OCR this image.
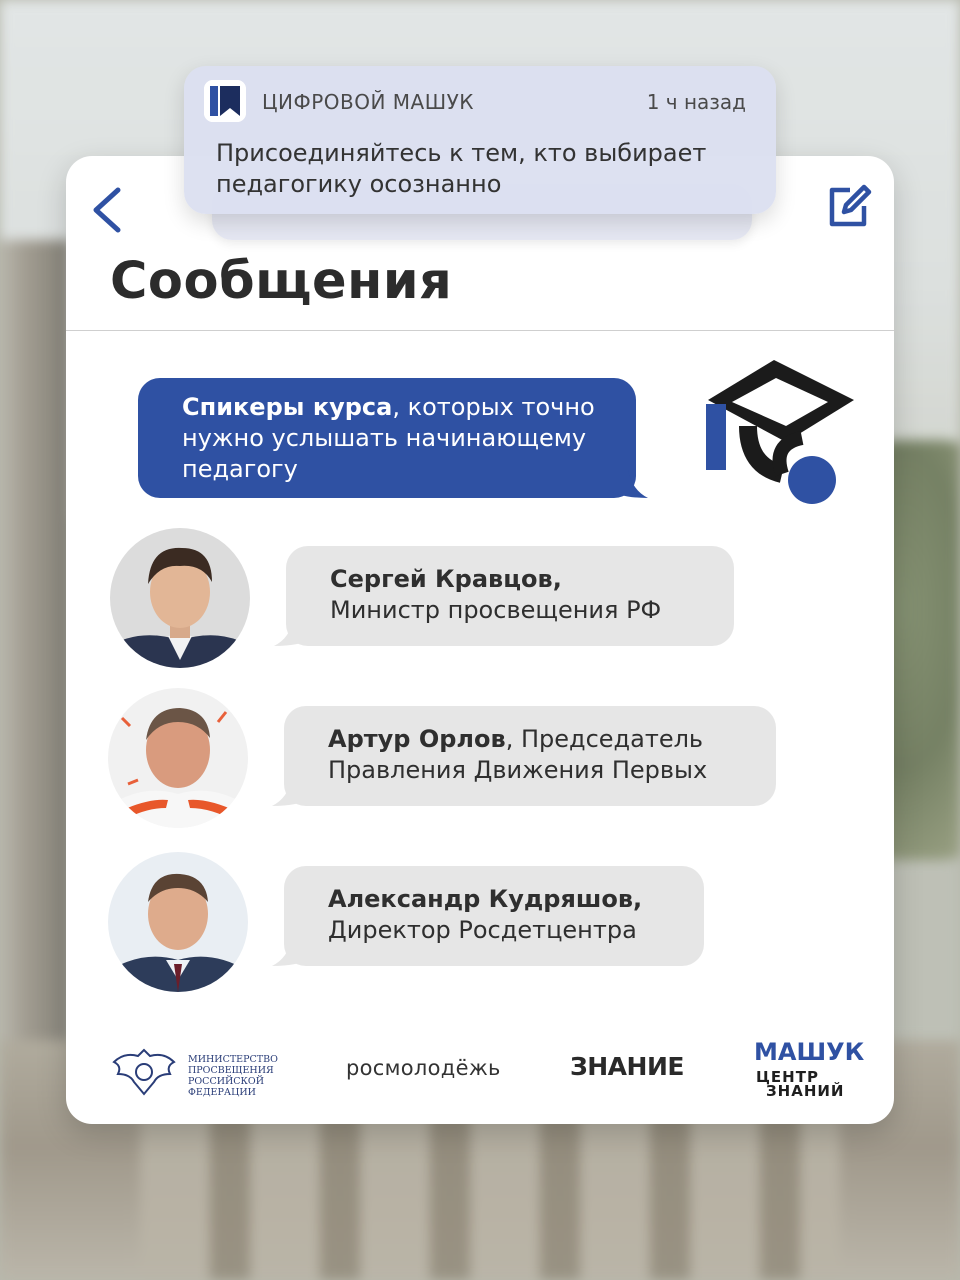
Сообщения
Спикеры курса, которых точно нужно услышать начинающему педагогу
Сергей Кравцов,
Министр просвещения РФ
Артур Орлов, Председатель
Правления Движения Первых
Александр Кудряшов,
Директор Росдетцентра
МИНИСТЕРСТВО
ПРОСВЕЩЕНИЯ
РОССИЙСКОЙ
ФЕДЕРАЦИИ
росмолодёжь	ЗНАНИЕ	МАШУК
ЦЕНТР
ЗНАНИЙ
ЦИФРОВОЙ МАШУК	1 ч назад
Присоединяйтесь к тем, кто выбирает педагогику осознанно
